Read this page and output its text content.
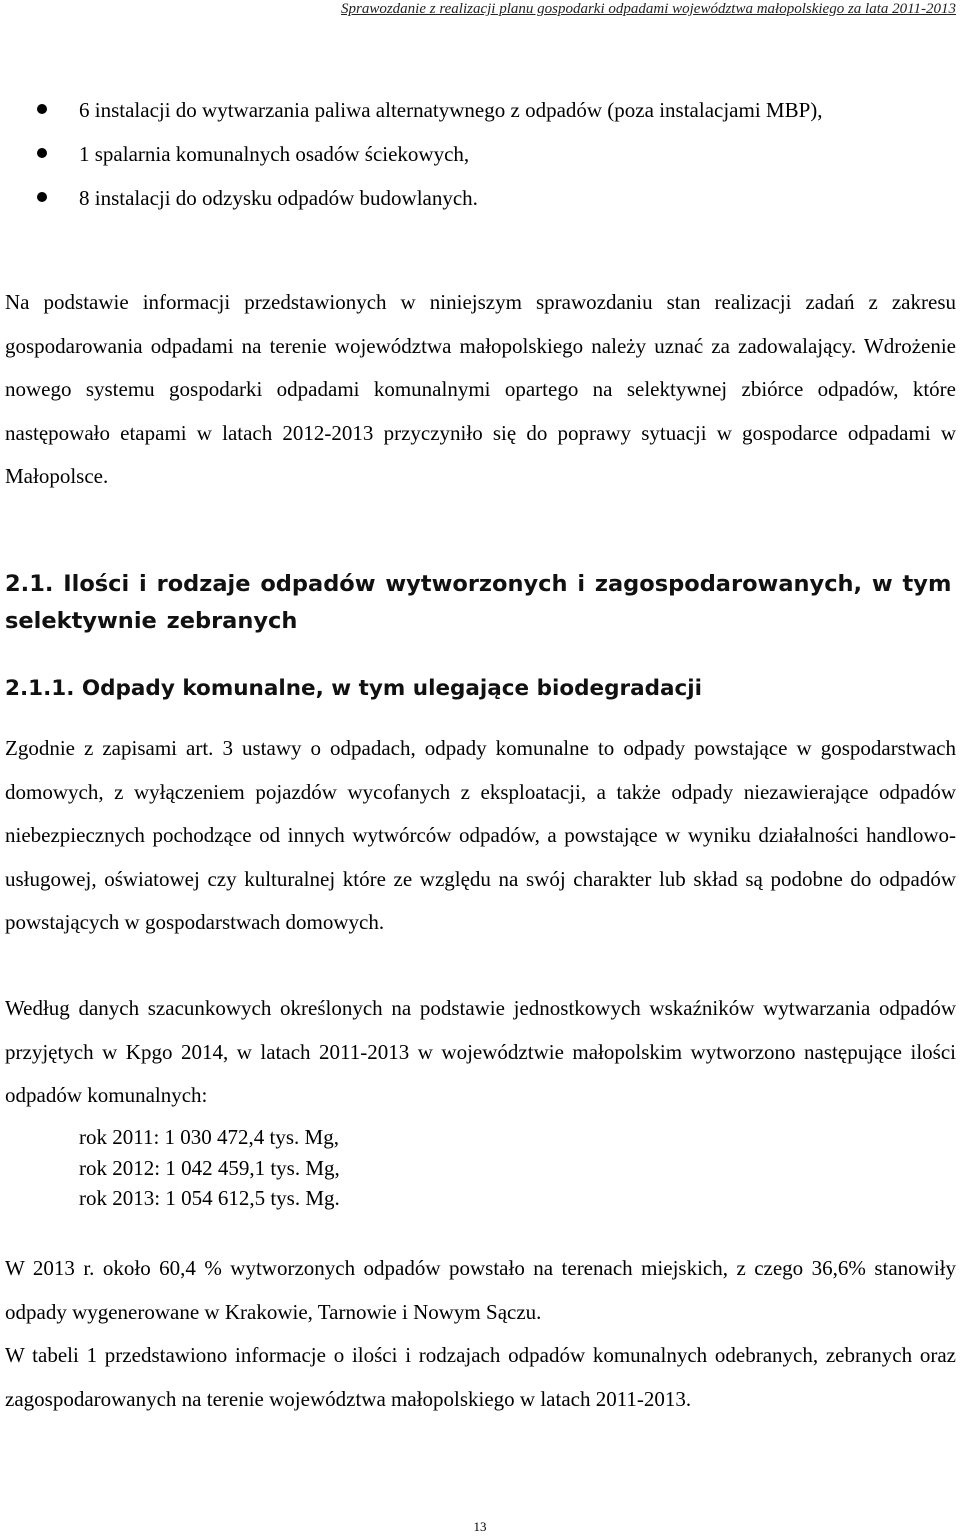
Sprawozdanie z realizacji planu gospodarki odpadami województwa małopolskiego za lata 2011-2013
6 instalacji do wytwarzania paliwa alternatywnego z odpadów (poza instalacjami MBP),
1 spalarnia komunalnych osadów ściekowych,
8 instalacji do odzysku odpadów budowlanych.

Na podstawie informacji przedstawionych w niniejszym sprawozdaniu stan realizacji zadań z zakresu gospodarowania odpadami na terenie województwa małopolskiego należy uznać za zadowalający. Wdrożenie nowego systemu gospodarki odpadami komunalnymi opartego na selektywnej zbiórce odpadów, które następowało etapami w latach 2012-2013 przyczyniło się do poprawy sytuacji w gospodarce odpadami w Małopolsce.

2.1. Ilości i rodzaje odpadów wytworzonych i zagospodarowanych, w tym selektywnie zebranych
2.1.1. Odpady komunalne, w tym ulegające biodegradacji

Zgodnie z zapisami art. 3 ustawy o odpadach, odpady komunalne to odpady powstające w gospodarstwach domowych, z wyłączeniem pojazdów wycofanych z eksploatacji, a także odpady niezawierające odpadów niebezpiecznych pochodzące od innych wytwórców odpadów, a powstające w wyniku działalności handlowo-usługowej, oświatowej czy kulturalnej które ze względu na swój charakter lub skład są podobne do odpadów powstających w gospodarstwach domowych.

Według danych szacunkowych określonych na podstawie jednostkowych wskaźników wytwarzania odpadów przyjętych w Kpgo 2014, w latach 2011-2013 w województwie małopolskim wytworzono następujące ilości odpadów komunalnych:

rok 2011: 1 030 472,4 tys. Mg,
rok 2012: 1 042 459,1 tys. Mg,
rok 2013: 1 054 612,5 tys. Mg.

W 2013 r. około 60,4 % wytworzonych odpadów powstało na terenach miejskich, z czego 36,6% stanowiły odpady wygenerowane w Krakowie, Tarnowie i Nowym Sączu.

W tabeli 1 przedstawiono informacje o ilości i rodzajach odpadów komunalnych odebranych, zebranych oraz zagospodarowanych na terenie województwa małopolskiego w latach 2011-2013.

13
